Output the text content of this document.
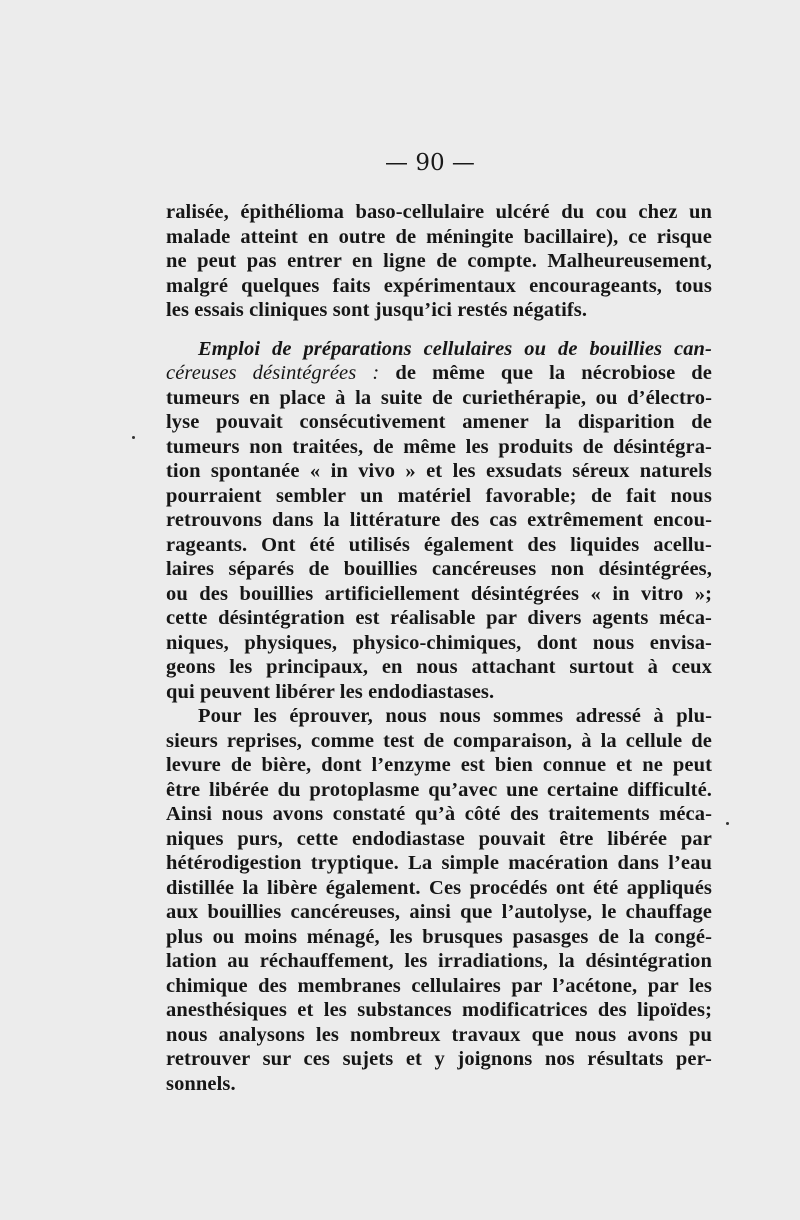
— 90 —
ralisée, épithélioma baso-cellulaire ulcéré du cou chez un
malade atteint en outre de méningite bacillaire), ce risque
ne peut pas entrer en ligne de compte. Malheureusement,
malgré quelques faits expérimentaux encourageants, tous
les essais cliniques sont jusqu’ici restés négatifs.
Emploi de préparations cellulaires ou de bouillies can-
céreuses désintégrées : de même que la nécrobiose de
tumeurs en place à la suite de curiethérapie, ou d’électro-
lyse pouvait consécutivement amener la disparition de
tumeurs non traitées, de même les produits de désintégra-
tion spontanée « in vivo » et les exsudats séreux naturels
pourraient sembler un matériel favorable; de fait nous
retrouvons dans la littérature des cas extrêmement encou-
rageants. Ont été utilisés également des liquides acellu-
laires séparés de bouillies cancéreuses non désintégrées,
ou des bouillies artificiellement désintégrées « in vitro »;
cette désintégration est réalisable par divers agents méca-
niques, physiques, physico-chimiques, dont nous envisa-
geons les principaux, en nous attachant surtout à ceux
qui peuvent libérer les endodiastases.
Pour les éprouver, nous nous sommes adressé à plu-
sieurs reprises, comme test de comparaison, à la cellule de
levure de bière, dont l’enzyme est bien connue et ne peut
être libérée du protoplasme qu’avec une certaine difficulté.
Ainsi nous avons constaté qu’à côté des traitements méca-
niques purs, cette endodiastase pouvait être libérée par
hétérodigestion tryptique. La simple macération dans l’eau
distillée la libère également. Ces procédés ont été appliqués
aux bouillies cancéreuses, ainsi que l’autolyse, le chauffage
plus ou moins ménagé, les brusques pasasges de la congé-
lation au réchauffement, les irradiations, la désintégration
chimique des membranes cellulaires par l’acétone, par les
anesthésiques et les substances modificatrices des lipoïdes;
nous analysons les nombreux travaux que nous avons pu
retrouver sur ces sujets et y joignons nos résultats per-
sonnels.
